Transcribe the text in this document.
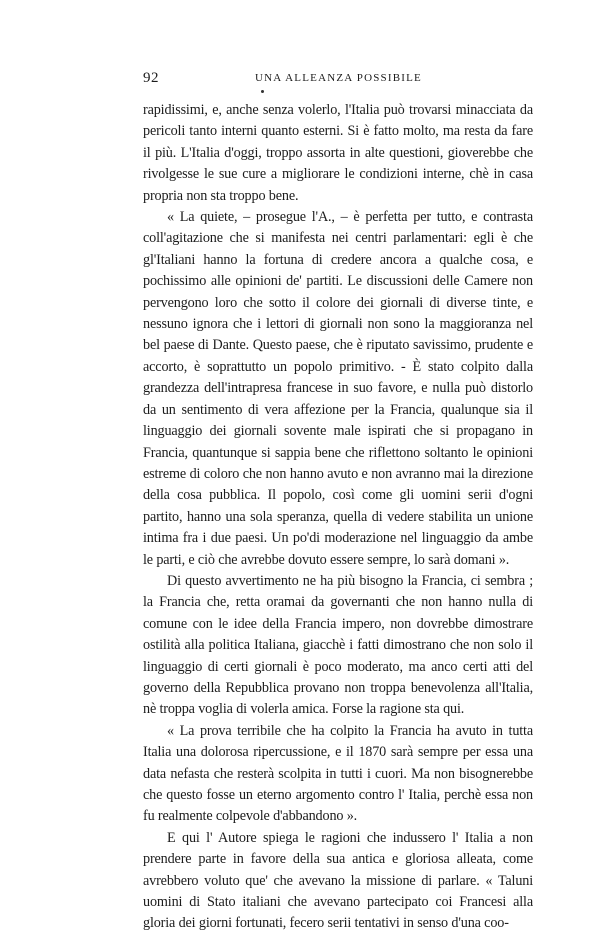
92	UNA ALLEANZA POSSIBILE

rapidissimi, e, anche senza volerlo, l'Italia può trovarsi minacciata da pericoli tanto interni quanto esterni. Si è fatto molto, ma resta da fare il più. L'Italia d'oggi, troppo assorta in alte questioni, gioverebbe che rivolgesse le sue cure a migliorare le condizioni interne, chè in casa propria non sta troppo bene.

« La quiete, – prosegue l'A., – è perfetta per tutto, e contrasta coll'agitazione che si manifesta nei centri parlamentari: egli è che gl'Italiani hanno la fortuna di credere ancora a qualche cosa, e pochissimo alle opinioni de' partiti. Le discussioni delle Camere non pervengono loro che sotto il colore dei giornali di diverse tinte, e nessuno ignora che i lettori di giornali non sono la maggioranza nel bel paese di Dante. Questo paese, che è riputato savissimo, prudente e accorto, è soprattutto un popolo primitivo. - È stato colpito dalla grandezza dell'intrapresa francese in suo favore, e nulla può distorlo da un sentimento di vera affezione per la Francia, qualunque sia il linguaggio dei giornali sovente male ispirati che si propagano in Francia, quantunque si sappia bene che riflettono soltanto le opinioni estreme di coloro che non hanno avuto e non avranno mai la direzione della cosa pubblica. Il popolo, così come gli uomini serii d'ogni partito, hanno una sola speranza, quella di vedere stabilita un unione intima fra i due paesi. Un po'di moderazione nel linguaggio da ambe le parti, e ciò che avrebbe dovuto essere sempre, lo sarà domani ».

Di questo avvertimento ne ha più bisogno la Francia, ci sembra ; la Francia che, retta oramai da governanti che non hanno nulla di comune con le idee della Francia impero, non dovrebbe dimostrare ostilità alla politica Italiana, giacchè i fatti dimostrano che non solo il linguaggio di certi giornali è poco moderato, ma anco certi atti del governo della Repubblica provano non troppa benevolenza all'Italia, nè troppa voglia di volerla amica. Forse la ragione sta qui.

« La prova terribile che ha colpito la Francia ha avuto in tutta Italia una dolorosa ripercussione, e il 1870 sarà sempre per essa una data nefasta che resterà scolpita in tutti i cuori. Ma non bisognerebbe che questo fosse un eterno argomento contro l' Italia, perchè essa non fu realmente colpevole d'abbandono ».

E qui l' Autore spiega le ragioni che indussero l' Italia a non prendere parte in favore della sua antica e gloriosa alleata, come avrebbero voluto que' che avevano la missione di parlare. « Taluni uomini di Stato italiani che avevano partecipato coi Francesi alla gloria dei giorni fortunati, fecero serii tentativi in senso d'una coo-
